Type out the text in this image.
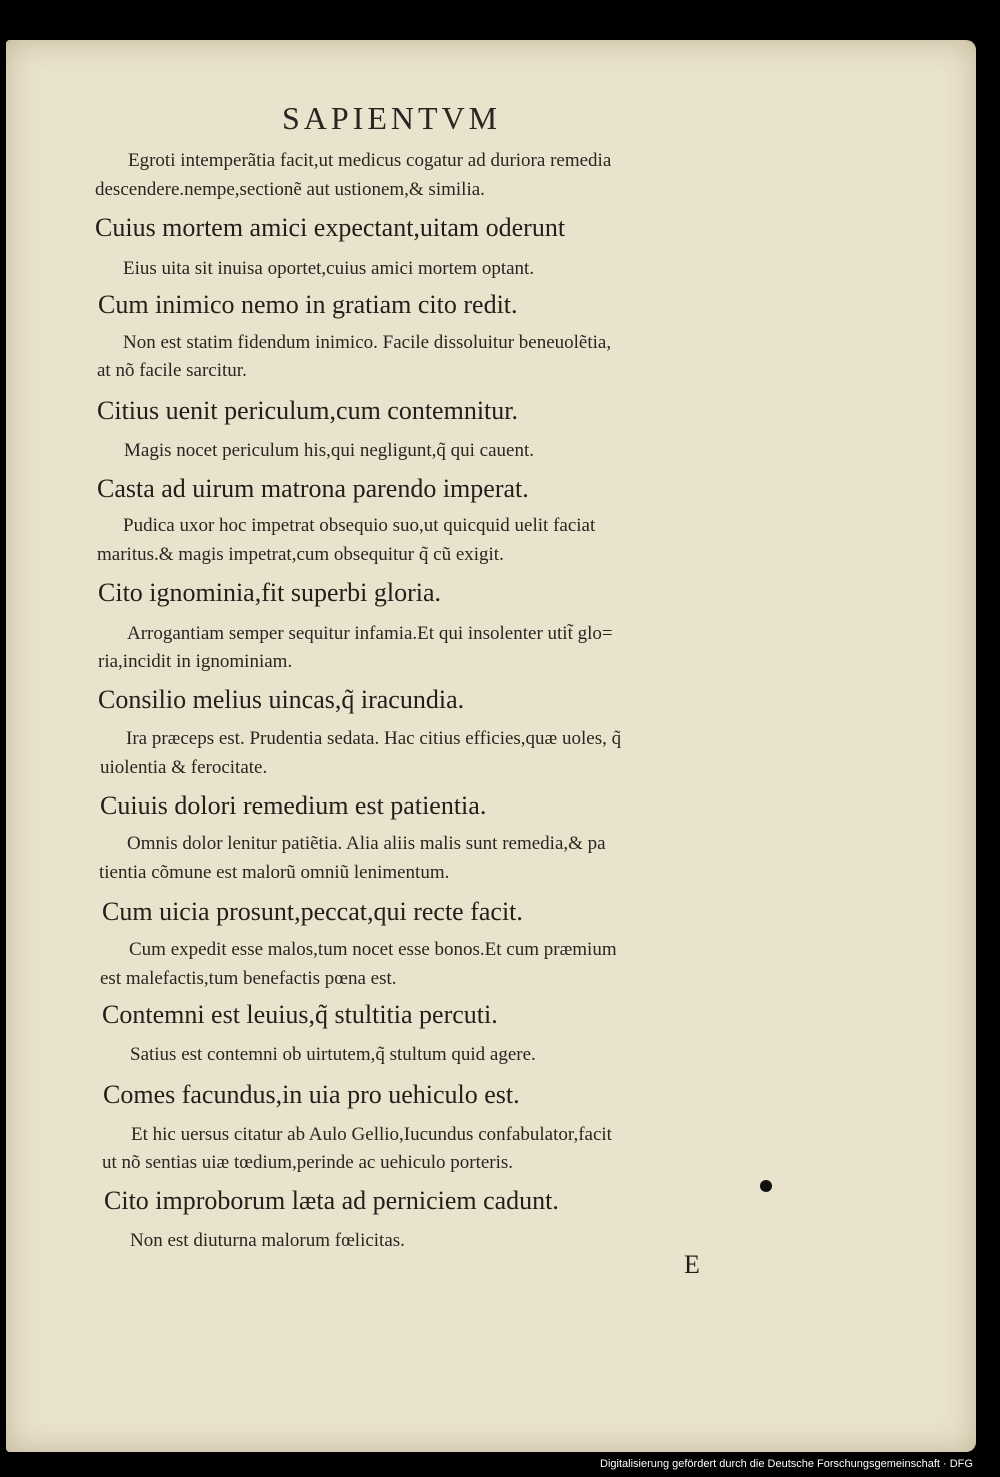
SAPIENTVM
Egroti intemperãtia facit,ut medicus cogatur ad duriora remedia
descendere.nempe,sectionẽ aut ustionem,& similia.
Cuius mortem amici expectant,uitam oderunt
Eius uita sit inuisa oportet,cuius amici mortem optant.
Cum inimico nemo in gratiam cito redit.
Non est statim fidendum inimico. Facile dissoluitur beneuolẽtia,
at nõ facile sarcitur.
Citius uenit periculum,cum contemnitur.
Magis nocet periculum his,qui negligunt,q̃ qui cauent.
Casta ad uirum matrona parendo imperat.
Pudica uxor hoc impetrat obsequio suo,ut quicquid uelit faciat
maritus.& magis impetrat,cum obsequitur q̃ cũ exigit.
Cito ignominia,fit superbi gloria.
Arrogantiam semper sequitur infamia.Et qui insolenter utit̃ glo=
ria,incidit in ignominiam.
Consilio melius uincas,q̃ iracundia.
Ira præceps est. Prudentia sedata. Hac citius efficies,quæ uoles, q̃
uiolentia & ferocitate.
Cuiuis dolori remedium est patientia.
Omnis dolor lenitur patiẽtia. Alia aliis malis sunt remedia,& pa
tientia cõmune est malorũ omniũ lenimentum.
Cum uicia prosunt,peccat,qui recte facit.
Cum expedit esse malos,tum nocet esse bonos.Et cum præmium
est malefactis,tum benefactis pœna est.
Contemni est leuius,q̃ stultitia percuti.
Satius est contemni ob uirtutem,q̃ stultum quid agere.
Comes facundus,in uia pro uehiculo est.
Et hic uersus citatur ab Aulo Gellio,Iucundus confabulator,facit
ut nõ sentias uiæ tœdium,perinde ac uehiculo porteris.
Cito improborum læta ad perniciem cadunt.
Non est diuturna malorum fœlicitas.
E
Digitalisierung gefördert durch die Deutsche Forschungsgemeinschaft · DFG
